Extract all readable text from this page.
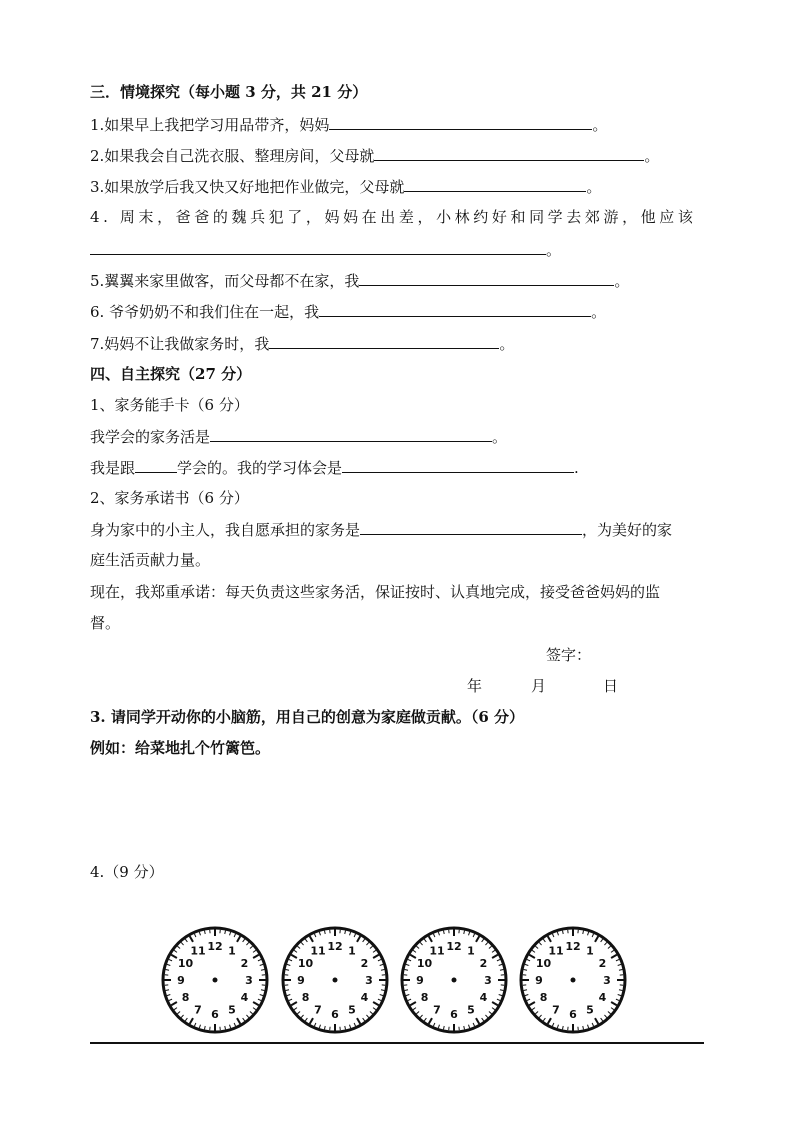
三．情境探究（每小题 3 分，共 21 分）
1.如果早上我把学习用品带齐，妈妈	。
2.如果我会自己洗衣服、整理房间，父母就	。
3.如果放学后我又快又好地把作业做完，父母就	。
4. 周末，爸爸的魏兵犯了，妈妈在出差，小林约好和同学去郊游，他应该
。
5.翼翼来家里做客，而父母都不在家，我	。
6. 爷爷奶奶不和我们住在一起，我	。
7.妈妈不让我做家务时，我	。
四、自主探究（27 分）
1、家务能手卡（6 分）
我学会的家务活是	。
我是跟	学会的。我的学习体会是	.
2、家务承诺书（6 分）
身为家中的小主人，我自愿承担的家务是	，为美好的家
庭生活贡献力量。
现在，我郑重承诺：每天负责这些家务活，保证按时、认真地完成，接受爸爸妈妈的监
督。
签字：
年	月	日
3. 请同学开动你的小脑筋，用自己的创意为家庭做贡献。（6 分）
例如：给菜地扎个竹篱笆。
4.（9 分）
12 1
2
3
4
5
6
7
8
9
10
11	12 1
2
3
4
5
6
7
8
9
10
11	12 1
2
3
4
5
6
7
8
9
10
11	12 1
2
3
4
5
6
7
8
9
10
11
